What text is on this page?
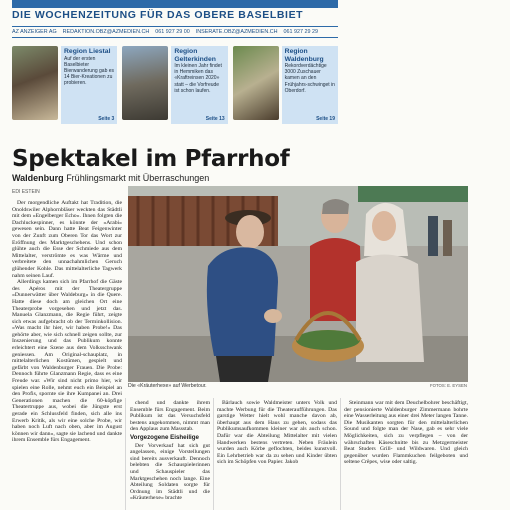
DIE WOCHENZEITUNG FÜR DAS OBERE BASELBIET
AZ ANZEIGER AG REDAKTION.OBZ@AZMEDIEN.CH 061 927 29 00 INSERATE.OBZ@AZMEDIEN.CH 061 927 29 29
Region Liestal
Auf der ersten Baselbieter Bierwanderung gab es 14 Bier-Kreationen zu probieren.
Seite 3
Region Gelterkinden
Im kleinen Jahr findet in Hemmiken das «Kraftreinsen 2020» statt – die Vorfreude ist schon laufen.
Seite 13
Region Waldenburg
Rekordverdächtige 3000 Zuschauer kamen an den Frühjahrs-schwinget in Oberdorf.
Seite 19
Spektakel im Pfarrhof
Waldenburg Frühlingsmarkt mit Überraschungen
EDI ESTEIN
Die «Kräuterhexe» auf Werbetour.	FOTOS: E. EYSEN

Der morgendliche Auftakt hat Tradition, die Onoldswiler Alphornbläser weckten das Städtli mit dem «Engelberger Echo». Ihnen folgten die Dachluckespinner, es könnte der «Arabi» gewesen sein. Dann hatte Beat Feigenwinter von der Zunft zum Oberen Tor das Wort zur Eröffnung des Marktgeschehens. Und schon glühte auch die Esse der Schmiede aus dem Mittelalter, verströmte es was Wärme und verbreitete den unnachahmlichen Geruch glühender Kohle. Das mittelalterliche Tagwerk nahm seinen Lauf.

Allerdings kamen sich im Pfarrhof die Gäste des Apéros mit der Theatergruppe «Dunnerwätter über Waldeburg» in die Quere. Hatte diese doch am gleichen Ort eine Theaterprobe vorgesehen und jetzt das. Manuela Glanzmann, die Regie führt, zeigte sich etwas aufgebracht ob der Terminkollision. «Was macht ihr hier, wir haben Probe!» Das gehörte aber, wie sich schnell zeigen sollte, zur Inszenierung und das Publikum konnte erleichtert eine Szene aus dem Volksschwank geniessen. Am Original-schauplatz, in mittelalterlichen Kostümen, gespielt und gefärbt von Waldenburger Frauen. Die Probe: Dennoch führte Glanzmann Regie, dass es eine Freude war. «Wir sind nicht primo hier, wir spielen eine Rolle, nehmt euch ein Beispiel an den Profis, spornte sie ihre Kumpanei an. Drei Generationen machen die 60-köpfige Theatertruppe aus, wobei die Jüngste erst gerade ein Schlussfeld finden, sich alle ins Erwerb Kritik, als wir eine solche Probe, wir haben noch Luft nach oben, aber im August können wir dann», sagte sie lachend und dankte ihrem Ensemble fürs Engagement.

chend und dankte ihrem Ensemble fürs Engagement. Beim Publikum ist das Versuchsfeld bestens angekommen, nimmt man den Applaus zum Massstab.

Vorgezogene Eisheilige

Der Vorverkauf hat sich gut angelassen, einige Vorstellungen sind bereits ausverkauft. Dennoch belebten die Schauspielerinnen und Schauspieler das Marktgeschehen noch lange. Eine Abteilung Soldaten sorgte für Ordnung im Städtli und die «Kräuterhexe» brachte

Bärlauch sowie Waldmeister unters Volk und machte Werbung für die Theateraufführungen. Das garstige Wetter hielt wohl manche davon ab, überhaupt aus dem Haus zu gehen, sodass das Publikumsaufkommen kleiner war als auch schon. Dafür war die Abteilung Mittelalter mit vielen Handwerken bestens vertreten. Neben Fräulein wurden auch Körbe geflochten, beides kunstvoll. Ein Lehrbetrieb war da zu sehen und Kinder übten sich im Schöpfen von Papier. Jakob

Steinmann war mit dem Deuchelbohrer beschäftigt, der pensionierte Waldenburger Zimmermann bohrte eine Wasserleitung aus einer drei Meter langen Tanne. Die Musikanten sorgten für den mittelalterlichen Sound und folgte man der Nase, gab es sehr viele Möglichkeiten, sich zu verpflegen – von der währschaften Käseschnitte bis zu Metzgermeister Beat Studers Grill- und Wildwaren. Und gleich gegenüber wurden Flammkuchen feilgeboten und seltene Crêpes, wise oder saltig.
